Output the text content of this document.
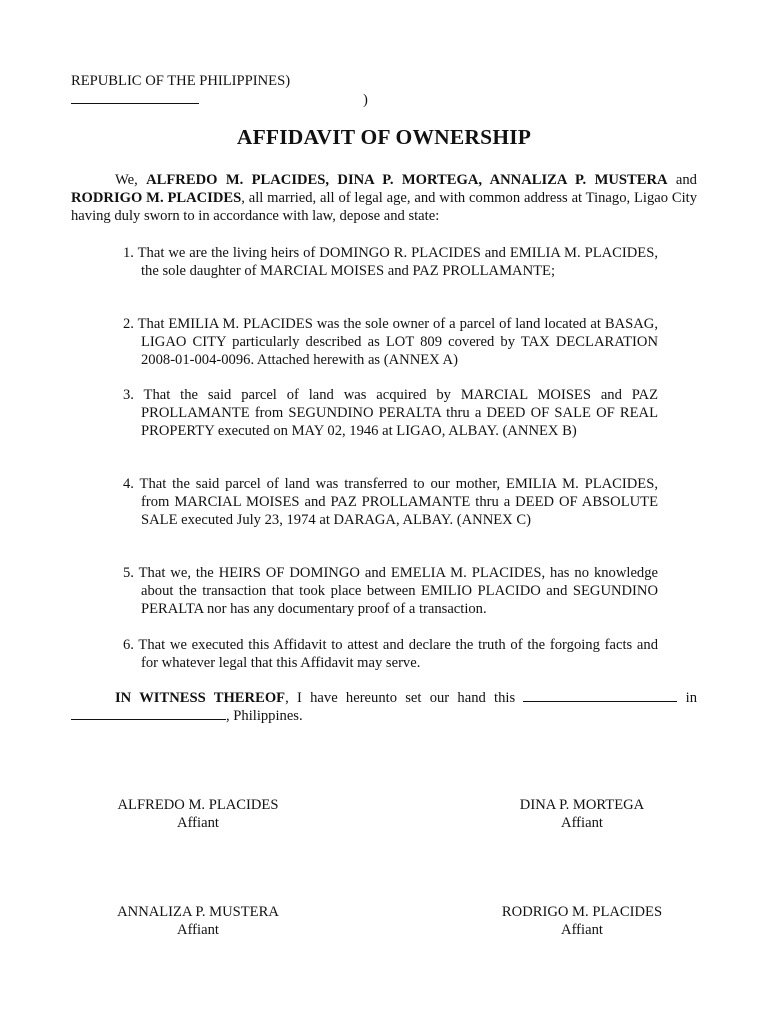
REPUBLIC OF THE PHILIPPINES)
)
AFFIDAVIT OF OWNERSHIP
We, ALFREDO M. PLACIDES, DINA P. MORTEGA, ANNALIZA P. MUSTERA and RODRIGO M. PLACIDES, all married, all of legal age, and with common address at Tinago, Ligao City having duly sworn to in accordance with law, depose and state:
1. That we are the living heirs of DOMINGO R. PLACIDES and EMILIA M. PLACIDES, the sole daughter of MARCIAL MOISES and PAZ PROLLAMANTE;
2. That EMILIA M. PLACIDES was the sole owner of a parcel of land located at BASAG, LIGAO CITY particularly described as LOT 809 covered by TAX DECLARATION 2008-01-004-0096. Attached herewith as (ANNEX A)
3. That the said parcel of land was acquired by MARCIAL MOISES and PAZ PROLLAMANTE from SEGUNDINO PERALTA thru a DEED OF SALE OF REAL PROPERTY executed on MAY 02, 1946 at LIGAO, ALBAY. (ANNEX B)
4. That the said parcel of land was transferred to our mother, EMILIA M. PLACIDES, from MARCIAL MOISES and PAZ PROLLAMANTE thru a DEED OF ABSOLUTE SALE executed July 23, 1974 at DARAGA, ALBAY. (ANNEX C)
5. That we, the HEIRS OF DOMINGO and EMELIA M. PLACIDES, has no knowledge about the transaction that took place between EMILIO PLACIDO and SEGUNDINO PERALTA nor has any documentary proof of a transaction.
6. That we executed this Affidavit to attest and declare the truth of the forgoing facts and for whatever legal that this Affidavit may serve.
IN WITNESS THEREOF, I have hereunto set our hand this	in , Philippines.
ALFREDO M. PLACIDES
Affiant
DINA P. MORTEGA
Affiant
ANNALIZA P. MUSTERA
Affiant
RODRIGO M. PLACIDES
Affiant
